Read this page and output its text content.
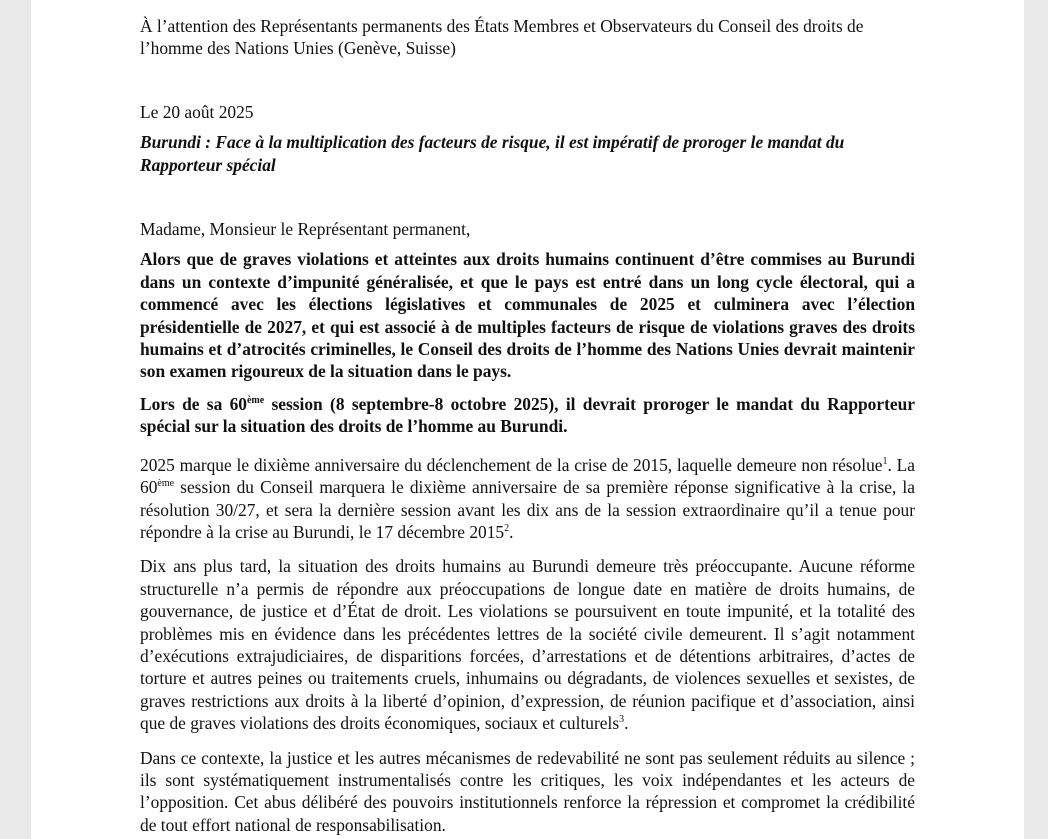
À l’attention des Représentants permanents des États Membres et Observateurs du Conseil des droits de l’homme des Nations Unies (Genève, Suisse)

Le 20 août 2025

Burundi : Face à la multiplication des facteurs de risque, il est impératif de proroger le mandat du Rapporteur spécial

Madame, Monsieur le Représentant permanent,

Alors que de graves violations et atteintes aux droits humains continuent d’être commises au Burundi dans un contexte d’impunité généralisée, et que le pays est entré dans un long cycle électoral, qui a commencé avec les élections législatives et communales de 2025 et culminera avec l’élection présidentielle de 2027, et qui est associé à de multiples facteurs de risque de violations graves des droits humains et d’atrocités criminelles, le Conseil des droits de l’homme des Nations Unies devrait maintenir son examen rigoureux de la situation dans le pays.

Lors de sa 60ème session (8 septembre-8 octobre 2025), il devrait proroger le mandat du Rapporteur spécial sur la situation des droits de l’homme au Burundi.

2025 marque le dixième anniversaire du déclenchement de la crise de 2015, laquelle demeure non résolue$^1$. La 60ème session du Conseil marquera le dixième anniversaire de sa première réponse significative à la crise, la résolution 30/27, et sera la dernière session avant les dix ans de la session extraordinaire qu’il a tenue pour répondre à la crise au Burundi, le 17 décembre 2015$^2$.

Dix ans plus tard, la situation des droits humains au Burundi demeure très préoccupante. Aucune réforme structurelle n’a permis de répondre aux préoccupations de longue date en matière de droits humains, de gouvernance, de justice et d’État de droit. Les violations se poursuivent en toute impunité, et la totalité des problèmes mis en évidence dans les précédentes lettres de la société civile demeurent. Il s’agit notamment d’exécutions extrajudiciaires, de disparitions forcées, d’arrestations et de détentions arbitraires, d’actes de torture et autres peines ou traitements cruels, inhumains ou dégradants, de violences sexuelles et sexistes, de graves restrictions aux droits à la liberté d’opinion, d’expression, de réunion pacifique et d’association, ainsi que de graves violations des droits économiques, sociaux et culturels$^3$.

Dans ce contexte, la justice et les autres mécanismes de redevabilité ne sont pas seulement réduits au silence ; ils sont systématiquement instrumentalisés contre les critiques, les voix indépendantes et les acteurs de l’opposition. Cet abus délibéré des pouvoirs institutionnels renforce la répression et compromet la crédibilité de tout effort national de responsabilisation.
